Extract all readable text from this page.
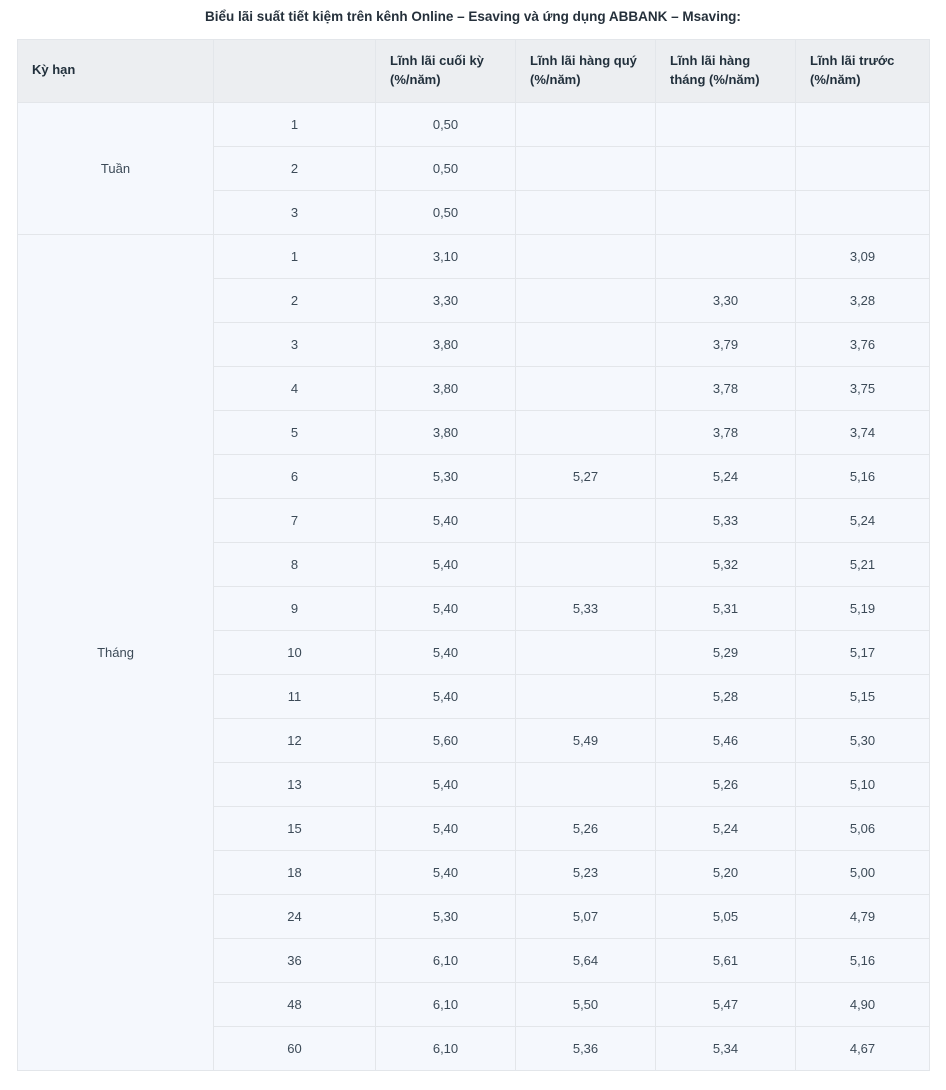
Biểu lãi suất tiết kiệm trên kênh Online – Esaving và ứng dụng ABBANK – Msaving:
Kỳ hạn		Lĩnh lãi cuối kỳ (%/năm)	Lĩnh lãi hàng quý (%/năm)	Lĩnh lãi hàng tháng (%/năm)	Lĩnh lãi trước (%/năm)
Tuần	1	0,50			
	2	0,50			
	3	0,50			
Tháng	1	3,10			3,09
	2	3,30		3,30	3,28
	3	3,80		3,79	3,76
	4	3,80		3,78	3,75
	5	3,80		3,78	3,74
	6	5,30	5,27	5,24	5,16
	7	5,40		5,33	5,24
	8	5,40		5,32	5,21
	9	5,40	5,33	5,31	5,19
	10	5,40		5,29	5,17
	11	5,40		5,28	5,15
	12	5,60	5,49	5,46	5,30
	13	5,40		5,26	5,10
	15	5,40	5,26	5,24	5,06
	18	5,40	5,23	5,20	5,00
	24	5,30	5,07	5,05	4,79
	36	6,10	5,64	5,61	5,16
	48	6,10	5,50	5,47	4,90
	60	6,10	5,36	5,34	4,67
